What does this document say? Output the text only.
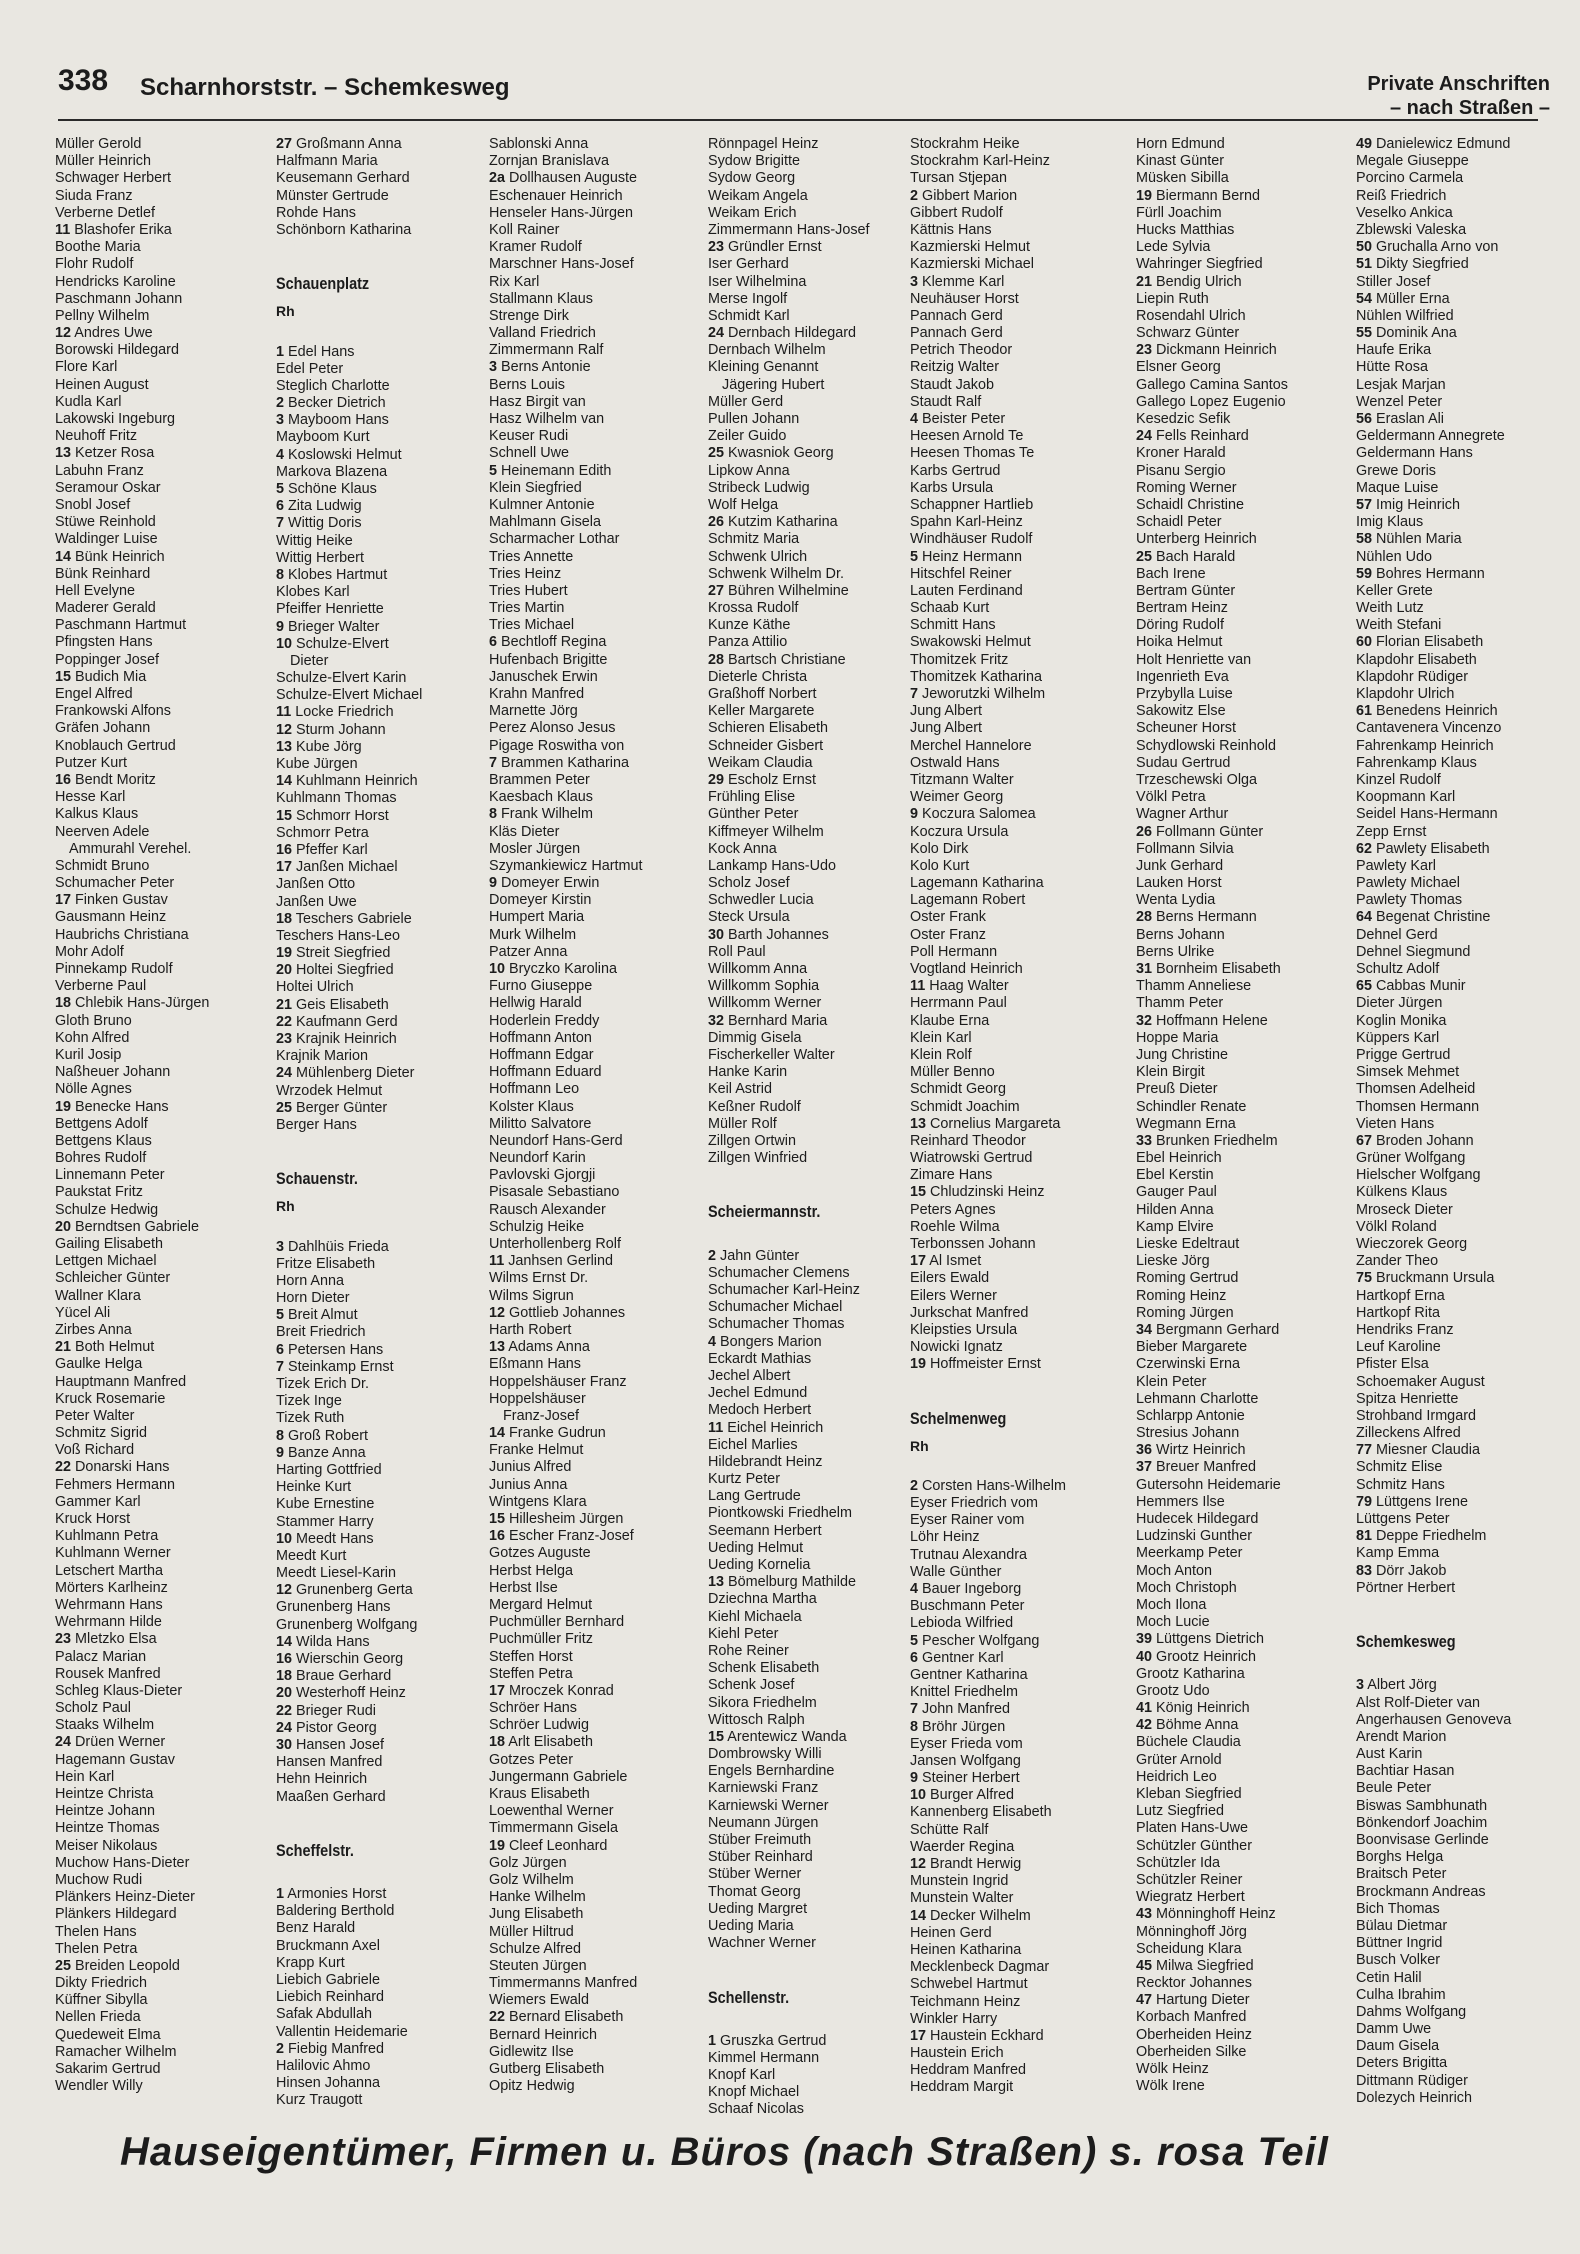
338 Scharnhorststr. – Schemkesweg	Private Anschriften
– nach Straßen –
Müller Gerold
Müller Heinrich
Schwager Herbert
Siuda Franz
Verberne Detlef
11 Blashofer Erika
Boothe Maria
Flohr Rudolf
Hendricks Karoline
Paschmann Johann
Pellny Wilhelm
12 Andres Uwe
Borowski Hildegard
Flore Karl
Heinen August
Kudla Karl
Lakowski Ingeburg
Neuhoff Fritz
13 Ketzer Rosa
Labuhn Franz
Seramour Oskar
Snobl Josef
Stüwe Reinhold
Waldinger Luise
14 Bünk Heinrich
Bünk Reinhard
Hell Evelyne
Maderer Gerald
Paschmann Hartmut
Pfingsten Hans
Poppinger Josef
15 Budich Mia
Engel Alfred
Frankowski Alfons
Gräfen Johann
Knoblauch Gertrud
Putzer Kurt
16 Bendt Moritz
Hesse Karl
Kalkus Klaus
Neerven Adele
Ammurahl Verehel.
Schmidt Bruno
Schumacher Peter
17 Finken Gustav
Gausmann Heinz
Haubrichs Christiana
Mohr Adolf
Pinnekamp Rudolf
Verberne Paul
18 Chlebik Hans-Jürgen
Gloth Bruno
Kohn Alfred
Kuril Josip
Naßheuer Johann
Nölle Agnes
19 Benecke Hans
Bettgens Adolf
Bettgens Klaus
Bohres Rudolf
Linnemann Peter
Paukstat Fritz
Schulze Hedwig
20 Berndtsen Gabriele
Gailing Elisabeth
Lettgen Michael
Schleicher Günter
Wallner Klara
Yücel Ali
Zirbes Anna
21 Both Helmut
Gaulke Helga
Hauptmann Manfred
Kruck Rosemarie
Peter Walter
Schmitz Sigrid
Voß Richard
22 Donarski Hans
Fehmers Hermann
Gammer Karl
Kruck Horst
Kuhlmann Petra
Kuhlmann Werner
Letschert Martha
Mörters Karlheinz
Wehrmann Hans
Wehrmann Hilde
23 Mletzko Elsa
Palacz Marian
Rousek Manfred
Schleg Klaus-Dieter
Scholz Paul
Staaks Wilhelm
24 Drüen Werner
Hagemann Gustav
Hein Karl
Heintze Christa
Heintze Johann
Heintze Thomas
Meiser Nikolaus
Muchow Hans-Dieter
Muchow Rudi
Plänkers Heinz-Dieter
Plänkers Hildegard
Thelen Hans
Thelen Petra
25 Breiden Leopold
Dikty Friedrich
Küffner Sibylla
Nellen Frieda
Quedeweit Elma
Ramacher Wilhelm
Sakarim Gertrud
Wendler Willy
27 Großmann Anna
Halfmann Maria
Keusemann Gerhard
Münster Gertrude
Rohde Hans
Schönborn Katharina
Schauenplatz
Rh
1 Edel Hans
Edel Peter
Steglich Charlotte
2 Becker Dietrich
3 Mayboom Hans
Mayboom Kurt
4 Koslowski Helmut
Markova Blazena
5 Schöne Klaus
6 Zita Ludwig
7 Wittig Doris
Wittig Heike
Wittig Herbert
8 Klobes Hartmut
Klobes Karl
Pfeiffer Henriette
9 Brieger Walter
10 Schulze-Elvert
Dieter
Schulze-Elvert Karin
Schulze-Elvert Michael
11 Locke Friedrich
12 Sturm Johann
13 Kube Jörg
Kube Jürgen
14 Kuhlmann Heinrich
Kuhlmann Thomas
15 Schmorr Horst
Schmorr Petra
16 Pfeffer Karl
17 Janßen Michael
Janßen Otto
Janßen Uwe
18 Teschers Gabriele
Teschers Hans-Leo
19 Streit Siegfried
20 Holtei Siegfried
Holtei Ulrich
21 Geis Elisabeth
22 Kaufmann Gerd
23 Krajnik Heinrich
Krajnik Marion
24 Mühlenberg Dieter
Wrzodek Helmut
25 Berger Günter
Berger Hans
Schauenstr.
Rh
3 Dahlhüis Frieda
Fritze Elisabeth
Horn Anna
Horn Dieter
5 Breit Almut
Breit Friedrich
6 Petersen Hans
7 Steinkamp Ernst
Tizek Erich Dr.
Tizek Inge
Tizek Ruth
8 Groß Robert
9 Banze Anna
Harting Gottfried
Heinke Kurt
Kube Ernestine
Stammer Harry
10 Meedt Hans
Meedt Kurt
Meedt Liesel-Karin
12 Grunenberg Gerta
Grunenberg Hans
Grunenberg Wolfgang
14 Wilda Hans
16 Wierschin Georg
18 Braue Gerhard
20 Westerhoff Heinz
22 Brieger Rudi
24 Pistor Georg
30 Hansen Josef
Hansen Manfred
Hehn Heinrich
Maaßen Gerhard
Scheffelstr.
1 Armonies Horst
Baldering Berthold
Benz Harald
Bruckmann Axel
Krapp Kurt
Liebich Gabriele
Liebich Reinhard
Safak Abdullah
Vallentin Heidemarie
2 Fiebig Manfred
Halilovic Ahmo
Hinsen Johanna
Kurz Traugott
Sablonski Anna
Zornjan Branislava
2a Dollhausen Auguste
Eschenauer Heinrich
Henseler Hans-Jürgen
Koll Rainer
Kramer Rudolf
Marschner Hans-Josef
Rix Karl
Stallmann Klaus
Strenge Dirk
Valland Friedrich
Zimmermann Ralf
3 Berns Antonie
Berns Louis
Hasz Birgit van
Hasz Wilhelm van
Keuser Rudi
Schnell Uwe
5 Heinemann Edith
Klein Siegfried
Kulmner Antonie
Mahlmann Gisela
Scharmacher Lothar
Tries Annette
Tries Heinz
Tries Hubert
Tries Martin
Tries Michael
6 Bechtloff Regina
Hufenbach Brigitte
Januschek Erwin
Krahn Manfred
Marnette Jörg
Perez Alonso Jesus
Pigage Roswitha von
7 Brammen Katharina
Brammen Peter
Kaesbach Klaus
8 Frank Wilhelm
Kläs Dieter
Mosler Jürgen
Szymankiewicz Hartmut
9 Domeyer Erwin
Domeyer Kirstin
Humpert Maria
Murk Wilhelm
Patzer Anna
10 Bryczko Karolina
Furno Giuseppe
Hellwig Harald
Hoderlein Freddy
Hoffmann Anton
Hoffmann Edgar
Hoffmann Eduard
Hoffmann Leo
Kolster Klaus
Militto Salvatore
Neundorf Hans-Gerd
Neundorf Karin
Pavlovski Gjorgji
Pisasale Sebastiano
Rausch Alexander
Schulzig Heike
Unterhollenberg Rolf
11 Janhsen Gerlind
Wilms Ernst Dr.
Wilms Sigrun
12 Gottlieb Johannes
Harth Robert
13 Adams Anna
Eßmann Hans
Hoppelshäuser Franz
Hoppelshäuser
Franz-Josef
14 Franke Gudrun
Franke Helmut
Junius Alfred
Junius Anna
Wintgens Klara
15 Hillesheim Jürgen
16 Escher Franz-Josef
Gotzes Auguste
Herbst Helga
Herbst Ilse
Mergard Helmut
Puchmüller Bernhard
Puchmüller Fritz
Steffen Horst
Steffen Petra
17 Mroczek Konrad
Schröer Hans
Schröer Ludwig
18 Arlt Elisabeth
Gotzes Peter
Jungermann Gabriele
Kraus Elisabeth
Loewenthal Werner
Timmermann Gisela
19 Cleef Leonhard
Golz Jürgen
Golz Wilhelm
Hanke Wilhelm
Jung Elisabeth
Müller Hiltrud
Schulze Alfred
Steuten Jürgen
Timmermanns Manfred
Wiemers Ewald
22 Bernard Elisabeth
Bernard Heinrich
Gidlewitz Ilse
Gutberg Elisabeth
Opitz Hedwig
Rönnpagel Heinz
Sydow Brigitte
Sydow Georg
Weikam Angela
Weikam Erich
Zimmermann Hans-Josef
23 Gründler Ernst
Iser Gerhard
Iser Wilhelmina
Merse Ingolf
Schmidt Karl
24 Dernbach Hildegard
Dernbach Wilhelm
Kleining Genannt
Jägering Hubert
Müller Gerd
Pullen Johann
Zeiler Guido
25 Kwasniok Georg
Lipkow Anna
Stribeck Ludwig
Wolf Helga
26 Kutzim Katharina
Schmitz Maria
Schwenk Ulrich
Schwenk Wilhelm Dr.
27 Bühren Wilhelmine
Krossa Rudolf
Kunze Käthe
Panza Attilio
28 Bartsch Christiane
Dieterle Christa
Graßhoff Norbert
Keller Margarete
Schieren Elisabeth
Schneider Gisbert
Weikam Claudia
29 Escholz Ernst
Frühling Elise
Günther Peter
Kiffmeyer Wilhelm
Kock Anna
Lankamp Hans-Udo
Scholz Josef
Schwedler Lucia
Steck Ursula
30 Barth Johannes
Roll Paul
Willkomm Anna
Willkomm Sophia
Willkomm Werner
32 Bernhard Maria
Dimmig Gisela
Fischerkeller Walter
Hanke Karin
Keil Astrid
Keßner Rudolf
Müller Rolf
Zillgen Ortwin
Zillgen Winfried
Scheiermannstr.
2 Jahn Günter
Schumacher Clemens
Schumacher Karl-Heinz
Schumacher Michael
Schumacher Thomas
4 Bongers Marion
Eckardt Mathias
Jechel Albert
Jechel Edmund
Medoch Herbert
11 Eichel Heinrich
Eichel Marlies
Hildebrandt Heinz
Kurtz Peter
Lang Gertrude
Piontkowski Friedhelm
Seemann Herbert
Ueding Helmut
Ueding Kornelia
13 Bömelburg Mathilde
Dziechna Martha
Kiehl Michaela
Kiehl Peter
Rohe Reiner
Schenk Elisabeth
Schenk Josef
Sikora Friedhelm
Wittosch Ralph
15 Arentewicz Wanda
Dombrowsky Willi
Engels Bernhardine
Karniewski Franz
Karniewski Werner
Neumann Jürgen
Stüber Freimuth
Stüber Reinhard
Stüber Werner
Thomat Georg
Ueding Margret
Ueding Maria
Wachner Werner
Schellenstr.
1 Gruszka Gertrud
Kimmel Hermann
Knopf Karl
Knopf Michael
Schaaf Nicolas
Stockrahm Heike
Stockrahm Karl-Heinz
Tursan Stjepan
2 Gibbert Marion
Gibbert Rudolf
Kättnis Hans
Kazmierski Helmut
Kazmierski Michael
3 Klemme Karl
Neuhäuser Horst
Pannach Gerd
Pannach Gerd
Petrich Theodor
Reitzig Walter
Staudt Jakob
Staudt Ralf
4 Beister Peter
Heesen Arnold Te
Heesen Thomas Te
Karbs Gertrud
Karbs Ursula
Schappner Hartlieb
Spahn Karl-Heinz
Windhäuser Rudolf
5 Heinz Hermann
Hitschfel Reiner
Lauten Ferdinand
Schaab Kurt
Schmitt Hans
Swakowski Helmut
Thomitzek Fritz
Thomitzek Katharina
7 Jeworutzki Wilhelm
Jung Albert
Jung Albert
Merchel Hannelore
Ostwald Hans
Titzmann Walter
Weimer Georg
9 Koczura Salomea
Koczura Ursula
Kolo Dirk
Kolo Kurt
Lagemann Katharina
Lagemann Robert
Oster Frank
Oster Franz
Poll Hermann
Vogtland Heinrich
11 Haag Walter
Herrmann Paul
Klaube Erna
Klein Karl
Klein Rolf
Müller Benno
Schmidt Georg
Schmidt Joachim
13 Cornelius Margareta
Reinhard Theodor
Wiatrowski Gertrud
Zimare Hans
15 Chludzinski Heinz
Peters Agnes
Roehle Wilma
Terbonssen Johann
17 Al Ismet
Eilers Ewald
Eilers Werner
Jurkschat Manfred
Kleipsties Ursula
Nowicki Ignatz
19 Hoffmeister Ernst
Schelmenweg
Rh
2 Corsten Hans-Wilhelm
Eyser Friedrich vom
Eyser Rainer vom
Löhr Heinz
Trutnau Alexandra
Walle Günther
4 Bauer Ingeborg
Buschmann Peter
Lebioda Wilfried
5 Pescher Wolfgang
6 Gentner Karl
Gentner Katharina
Knittel Friedhelm
7 John Manfred
8 Bröhr Jürgen
Eyser Frieda vom
Jansen Wolfgang
9 Steiner Herbert
10 Burger Alfred
Kannenberg Elisabeth
Schütte Ralf
Waerder Regina
12 Brandt Herwig
Munstein Ingrid
Munstein Walter
14 Decker Wilhelm
Heinen Gerd
Heinen Katharina
Mecklenbeck Dagmar
Schwebel Hartmut
Teichmann Heinz
Winkler Harry
17 Haustein Eckhard
Haustein Erich
Heddram Manfred
Heddram Margit
Horn Edmund
Kinast Günter
Müsken Sibilla
19 Biermann Bernd
Fürll Joachim
Hucks Matthias
Lede Sylvia
Wahringer Siegfried
21 Bendig Ulrich
Liepin Ruth
Rosendahl Ulrich
Schwarz Günter
23 Dickmann Heinrich
Elsner Georg
Gallego Camina Santos
Gallego Lopez Eugenio
Kesedzic Sefik
24 Fells Reinhard
Kroner Harald
Pisanu Sergio
Roming Werner
Schaidl Christine
Schaidl Peter
Unterberg Heinrich
25 Bach Harald
Bach Irene
Bertram Günter
Bertram Heinz
Döring Rudolf
Hoika Helmut
Holt Henriette van
Ingenrieth Eva
Przybylla Luise
Sakowitz Else
Scheuner Horst
Schydlowski Reinhold
Sudau Gertrud
Trzeschewski Olga
Völkl Petra
Wagner Arthur
26 Follmann Günter
Follmann Silvia
Junk Gerhard
Lauken Horst
Wenta Lydia
28 Berns Hermann
Berns Johann
Berns Ulrike
31 Bornheim Elisabeth
Thamm Anneliese
Thamm Peter
32 Hoffmann Helene
Hoppe Maria
Jung Christine
Klein Birgit
Preuß Dieter
Schindler Renate
Wegmann Erna
33 Brunken Friedhelm
Ebel Heinrich
Ebel Kerstin
Gauger Paul
Hilden Anna
Kamp Elvire
Lieske Edeltraut
Lieske Jörg
Roming Gertrud
Roming Heinz
Roming Jürgen
34 Bergmann Gerhard
Bieber Margarete
Czerwinski Erna
Klein Peter
Lehmann Charlotte
Schlarpp Antonie
Stresius Johann
36 Wirtz Heinrich
37 Breuer Manfred
Gutersohn Heidemarie
Hemmers Ilse
Hudecek Hildegard
Ludzinski Gunther
Meerkamp Peter
Moch Anton
Moch Christoph
Moch Ilona
Moch Lucie
39 Lüttgens Dietrich
40 Grootz Heinrich
Grootz Katharina
Grootz Udo
41 König Heinrich
42 Böhme Anna
Büchele Claudia
Grüter Arnold
Heidrich Leo
Kleban Siegfried
Lutz Siegfried
Platen Hans-Uwe
Schützler Günther
Schützler Ida
Schützler Reiner
Wiegratz Herbert
43 Mönninghoff Heinz
Mönninghoff Jörg
Scheidung Klara
45 Milwa Siegfried
Recktor Johannes
47 Hartung Dieter
Korbach Manfred
Oberheiden Heinz
Oberheiden Silke
Wölk Heinz
Wölk Irene
49 Danielewicz Edmund
Megale Giuseppe
Porcino Carmela
Reiß Friedrich
Veselko Ankica
Zblewski Valeska
50 Gruchalla Arno von
51 Dikty Siegfried
Stiller Josef
54 Müller Erna
Nühlen Wilfried
55 Dominik Ana
Haufe Erika
Hütte Rosa
Lesjak Marjan
Wenzel Peter
56 Eraslan Ali
Geldermann Annegrete
Geldermann Hans
Grewe Doris
Maque Luise
57 Imig Heinrich
Imig Klaus
58 Nühlen Maria
Nühlen Udo
59 Bohres Hermann
Keller Grete
Weith Lutz
Weith Stefani
60 Florian Elisabeth
Klapdohr Elisabeth
Klapdohr Rüdiger
Klapdohr Ulrich
61 Benedens Heinrich
Cantavenera Vincenzo
Fahrenkamp Heinrich
Fahrenkamp Klaus
Kinzel Rudolf
Koopmann Karl
Seidel Hans-Hermann
Zepp Ernst
62 Pawlety Elisabeth
Pawlety Karl
Pawlety Michael
Pawlety Thomas
64 Begenat Christine
Dehnel Gerd
Dehnel Siegmund
Schultz Adolf
65 Cabbas Munir
Dieter Jürgen
Koglin Monika
Küppers Karl
Prigge Gertrud
Simsek Mehmet
Thomsen Adelheid
Thomsen Hermann
Vieten Hans
67 Broden Johann
Grüner Wolfgang
Hielscher Wolfgang
Külkens Klaus
Mroseck Dieter
Völkl Roland
Wieczorek Georg
Zander Theo
75 Bruckmann Ursula
Hartkopf Erna
Hartkopf Rita
Hendriks Franz
Leuf Karoline
Pfister Elsa
Schoemaker August
Spitza Henriette
Strohband Irmgard
Zilleckens Alfred
77 Miesner Claudia
Schmitz Elise
Schmitz Hans
79 Lüttgens Irene
Lüttgens Peter
81 Deppe Friedhelm
Kamp Emma
83 Dörr Jakob
Pörtner Herbert
Schemkesweg
3 Albert Jörg
Alst Rolf-Dieter van
Angerhausen Genoveva
Arendt Marion
Aust Karin
Bachtiar Hasan
Beule Peter
Biswas Sambhunath
Bönkendorf Joachim
Boonvisase Gerlinde
Borghs Helga
Braitsch Peter
Brockmann Andreas
Bich Thomas
Bülau Dietmar
Büttner Ingrid
Busch Volker
Cetin Halil
Culha Ibrahim
Dahms Wolfgang
Damm Uwe
Daum Gisela
Deters Brigitta
Dittmann Rüdiger
Dolezych Heinrich
Hauseigentümer, Firmen u. Büros (nach Straßen) s. rosa Teil
